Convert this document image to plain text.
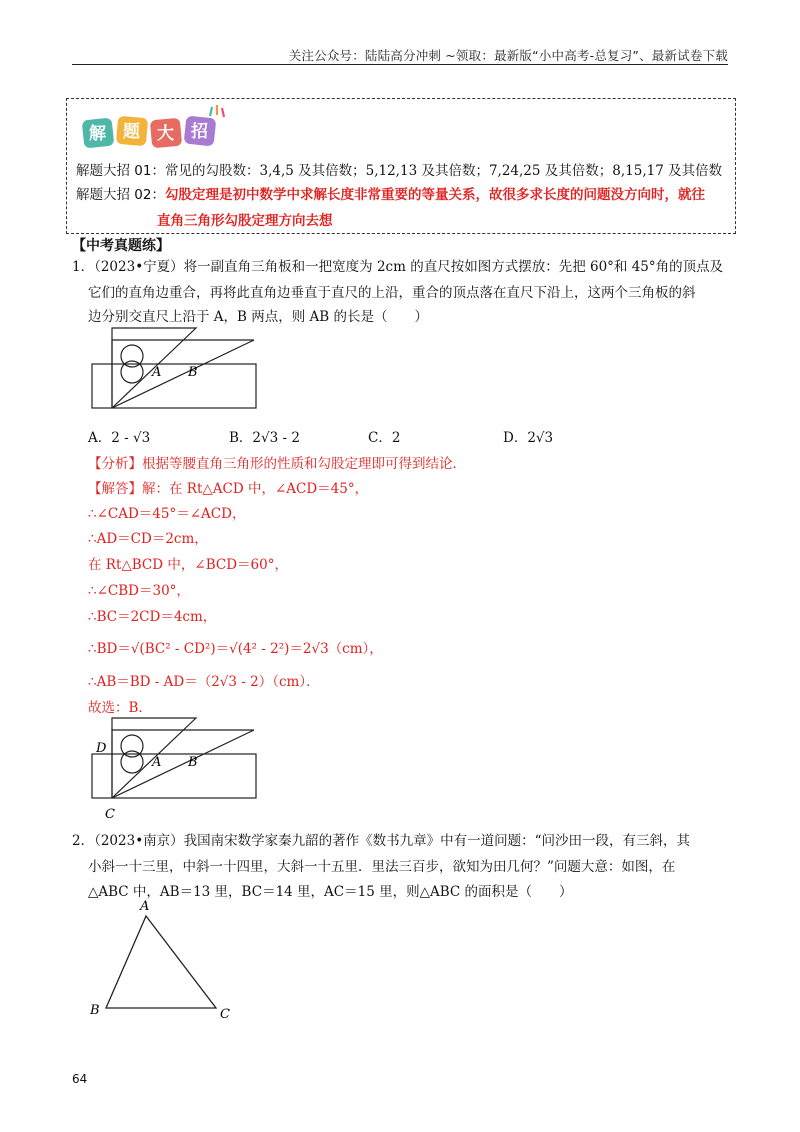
关注公众号：陆陆高分冲刺 ~领取：最新版“小中高考-总复习”、最新试卷下载
解 题 大 招
解题大招 01：常见的勾股数：3,4,5 及其倍数；5,12,13 及其倍数；7,24,25 及其倍数；8,15,17 及其倍数
解题大招 02：勾股定理是初中数学中求解长度非常重要的等量关系，故很多求长度的问题没方向时，就往
直角三角形勾股定理方向去想
【中考真题练】
1．（2023•宁夏）将一副直角三角板和一把宽度为 2cm 的直尺按如图方式摆放：先把 60°和 45°角的顶点及
它们的直角边重合，再将此直角边垂直于直尺的上沿，重合的顶点落在直尺下沿上，这两个三角板的斜
边分别交直尺上沿于 A，B 两点，则 AB 的长是（　　）
A B
A．2 - √3	B．2√3 - 2	C．2	D．2√3
【分析】根据等腰直角三角形的性质和勾股定理即可得到结论．
【解答】解：在 Rt△ACD 中，∠ACD＝45°，
∴∠CAD＝45°＝∠ACD，
∴AD＝CD＝2cm，
在 Rt△BCD 中，∠BCD＝60°，
∴∠CBD＝30°，
∴BC＝2CD＝4cm，
∴BD＝√(BC² - CD²)＝√(4² - 2²)＝2√3（cm），
∴AB＝BD - AD＝（2√3 - 2）（cm）．
故选：B．
D
A B
C
2．（2023•南京）我国南宋数学家秦九韶的著作《数书九章》中有一道问题：“问沙田一段，有三斜，其
小斜一十三里，中斜一十四里，大斜一十五里．里法三百步，欲知为田几何？”问题大意：如图，在
△ABC 中，AB＝13 里，BC＝14 里，AC＝15 里，则△ABC 的面积是（　　）
A
B	C
64
